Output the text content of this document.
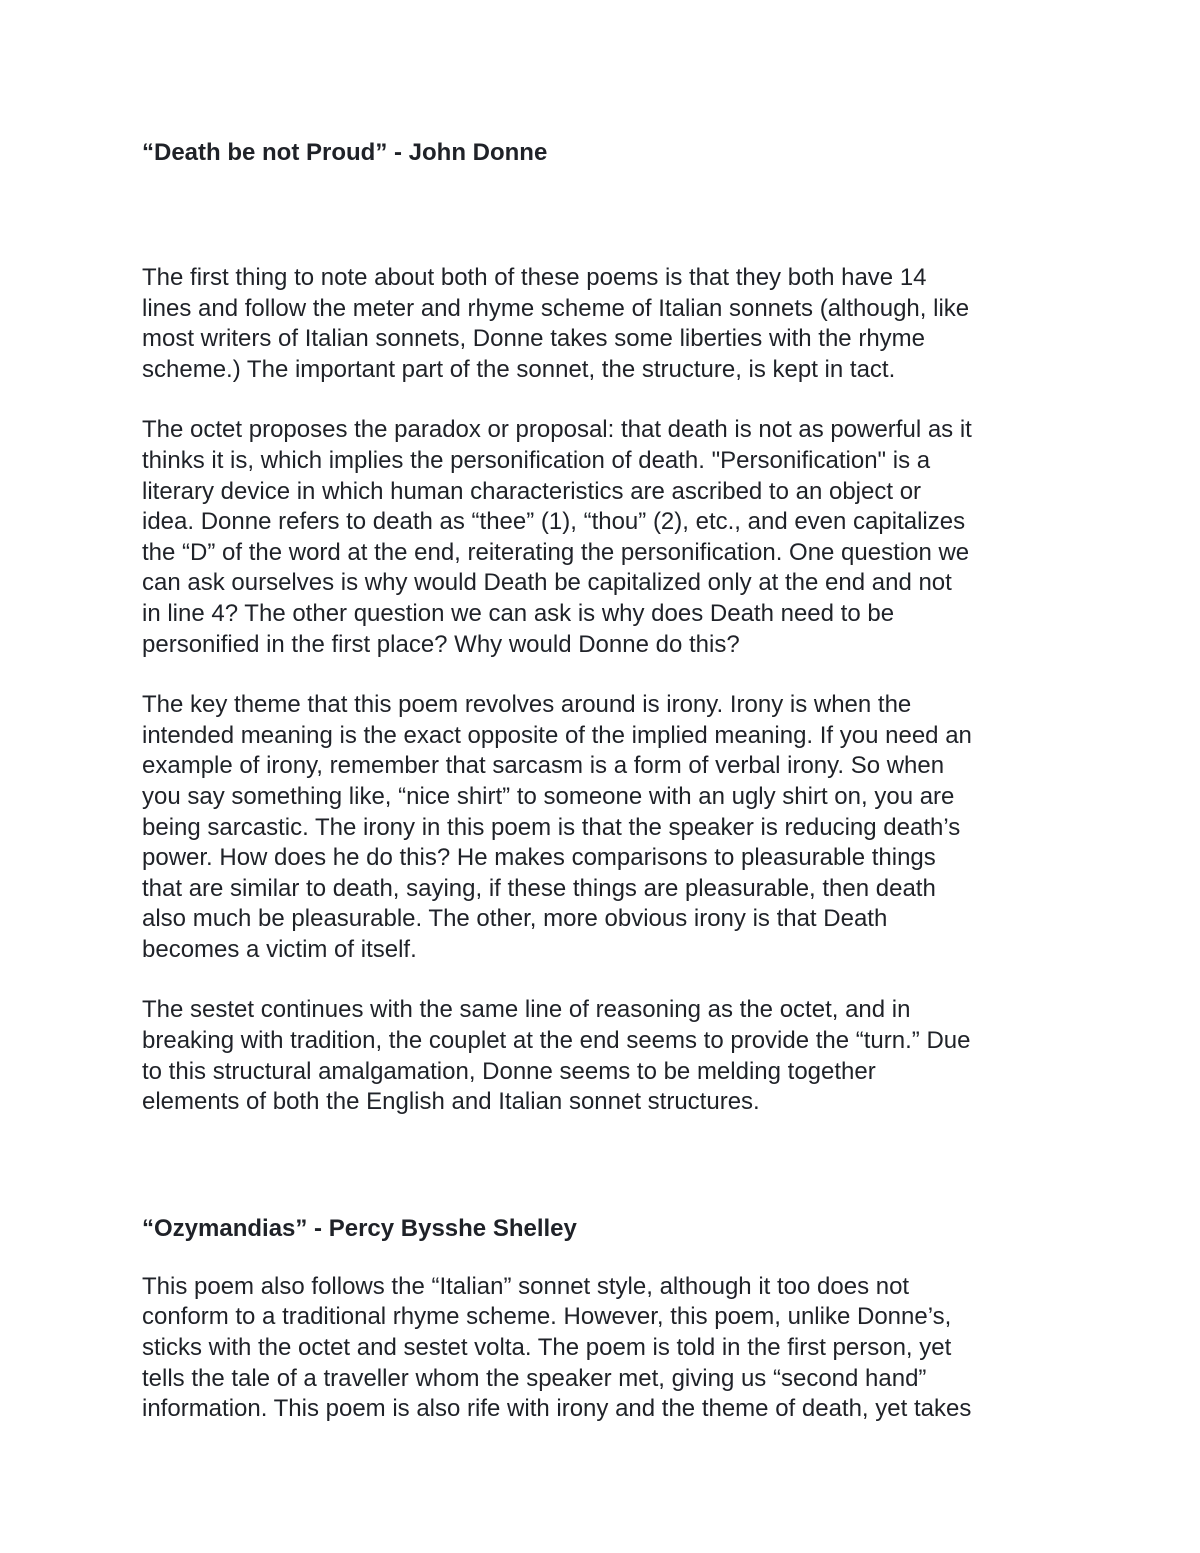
“Death be not Proud” - John Donne

The first thing to note about both of these poems is that they both have 14
lines and follow the meter and rhyme scheme of Italian sonnets (although, like
most writers of Italian sonnets, Donne takes some liberties with the rhyme
scheme.) The important part of the sonnet, the structure, is kept in tact.

The octet proposes the paradox or proposal: that death is not as powerful as it
thinks it is, which implies the personification of death. "Personification" is a
literary device in which human characteristics are ascribed to an object or
idea. Donne refers to death as “thee” (1), “thou” (2), etc., and even capitalizes
the “D” of the word at the end, reiterating the personification. One question we
can ask ourselves is why would Death be capitalized only at the end and not
in line 4? The other question we can ask is why does Death need to be
personified in the first place? Why would Donne do this?

The key theme that this poem revolves around is irony. Irony is when the
intended meaning is the exact opposite of the implied meaning. If you need an
example of irony, remember that sarcasm is a form of verbal irony. So when
you say something like, “nice shirt” to someone with an ugly shirt on, you are
being sarcastic. The irony in this poem is that the speaker is reducing death’s
power. How does he do this? He makes comparisons to pleasurable things
that are similar to death, saying, if these things are pleasurable, then death
also much be pleasurable. The other, more obvious irony is that Death
becomes a victim of itself.

The sestet continues with the same line of reasoning as the octet, and in
breaking with tradition, the couplet at the end seems to provide the “turn.” Due
to this structural amalgamation, Donne seems to be melding together
elements of both the English and Italian sonnet structures.

“Ozymandias” - Percy Bysshe Shelley

This poem also follows the “Italian” sonnet style, although it too does not
conform to a traditional rhyme scheme. However, this poem, unlike Donne’s,
sticks with the octet and sestet volta. The poem is told in the first person, yet
tells the tale of a traveller whom the speaker met, giving us “second hand”
information. This poem is also rife with irony and the theme of death, yet takes
